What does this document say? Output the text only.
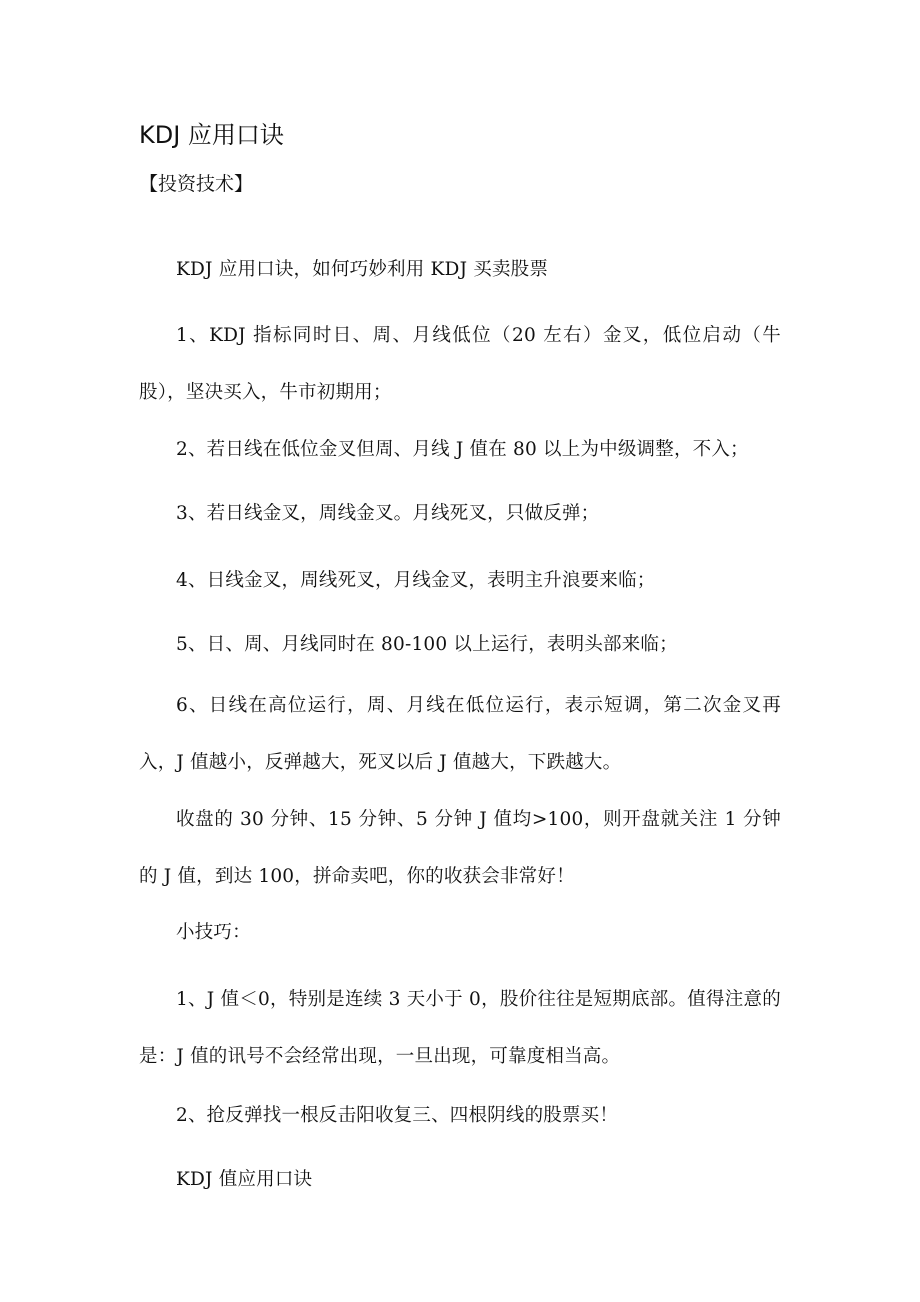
KDJ 应用口诀
【投资技术】

KDJ 应用口诀，如何巧妙利用 KDJ 买卖股票

1、KDJ 指标同时日、周、月线低位（20 左右）金叉，低位启动（牛股），坚决买入，牛市初期用；

2、若日线在低位金叉但周、月线 J 值在 80 以上为中级调整，不入；

3、若日线金叉，周线金叉。月线死叉，只做反弹；

4、日线金叉，周线死叉，月线金叉，表明主升浪要来临；

5、日、周、月线同时在 80-100 以上运行，表明头部来临；

6、日线在高位运行，周、月线在低位运行，表示短调，第二次金叉再入，J 值越小，反弹越大，死叉以后 J 值越大，下跌越大。

收盘的 30 分钟、15 分钟、5 分钟 J 值均>100，则开盘就关注 1 分钟的 J 值，到达 100，拼命卖吧，你的收获会非常好！

小技巧：

1、J 值＜0，特别是连续 3 天小于 0，股价往往是短期底部。值得注意的是：J 值的讯号不会经常出现，一旦出现，可靠度相当高。

2、抢反弹找一根反击阳收复三、四根阴线的股票买！

KDJ 值应用口诀
